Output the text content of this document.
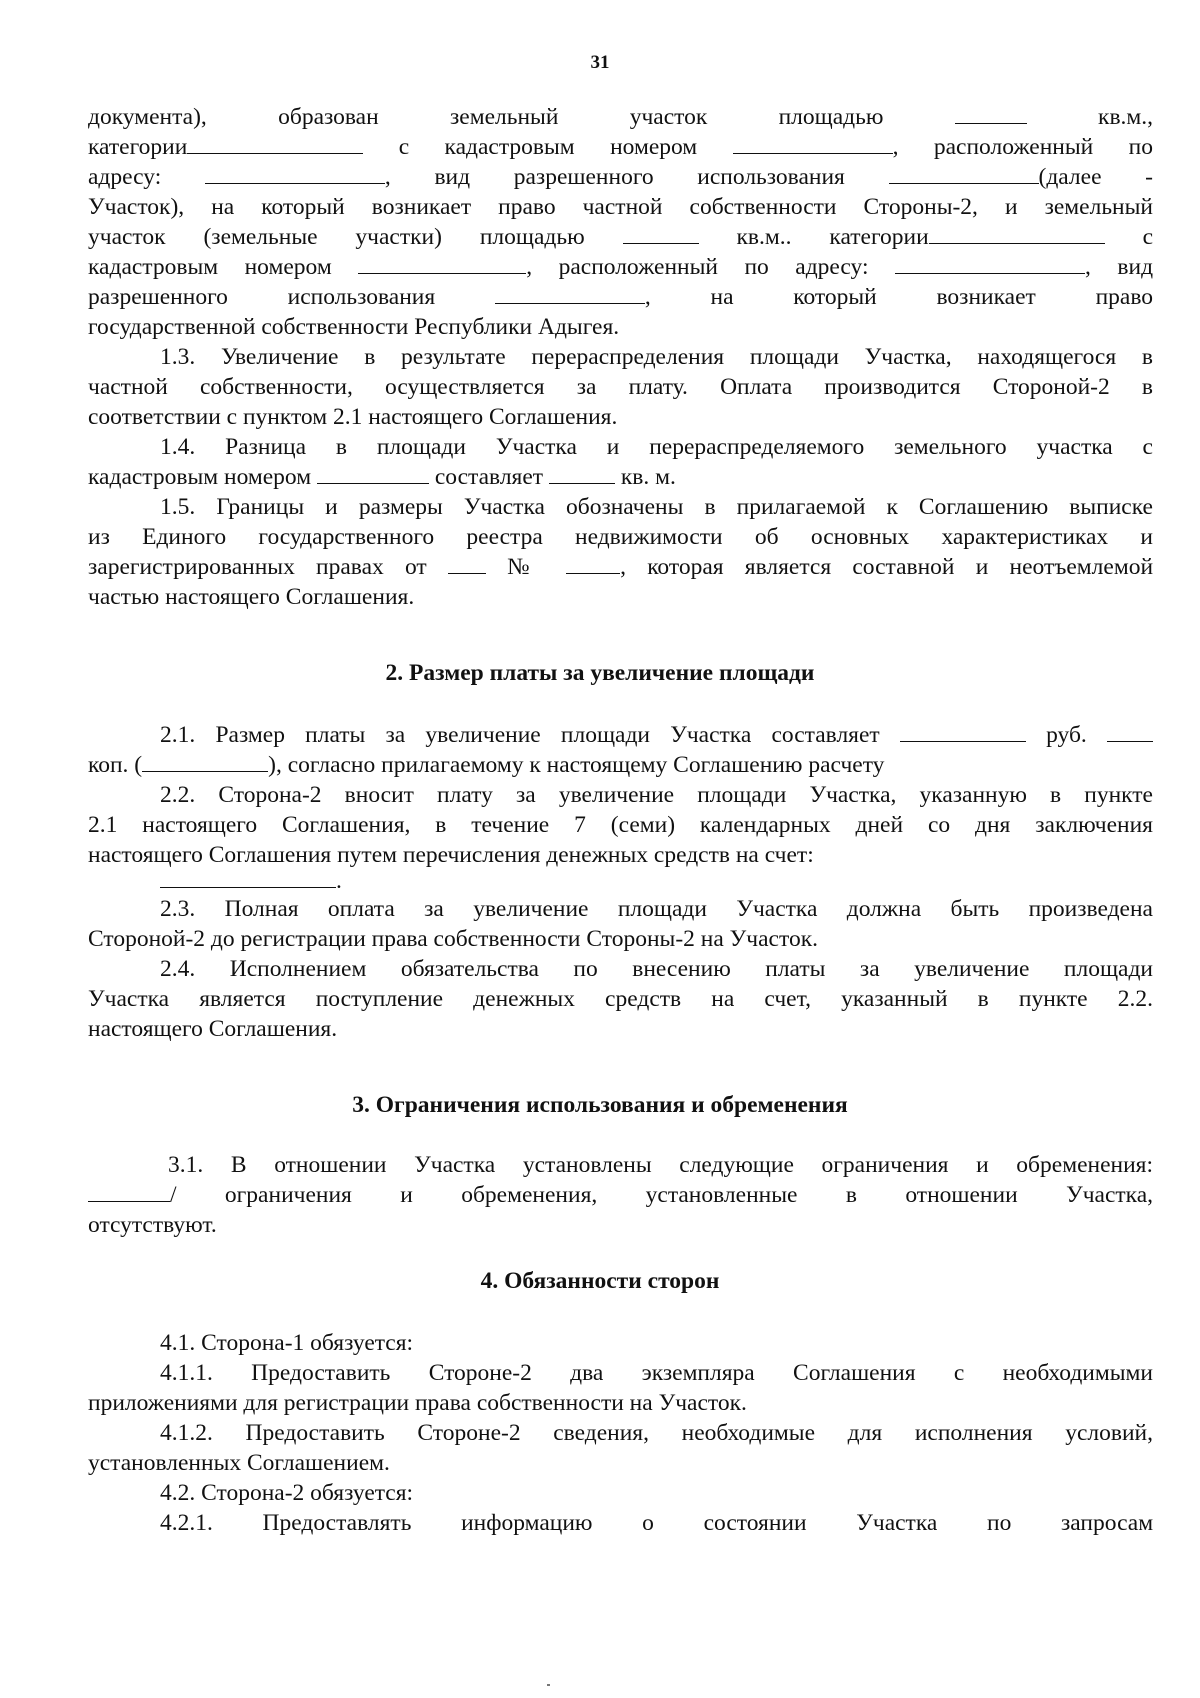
31
документа),	образован	земельный	участок	площадью	кв.м.,
категории	с кадастровым номером	, расположенный по
адресу:	, вид разрешенного использования	(далее -
Участок), на который возникает право частной собственности Стороны-2, и земельный
участок (земельные участки) площадью	кв.м.. категории	с
кадастровым номером	, расположенный по адресу:	, вид
разрешенного	использования	,	на	который	возникает	право
государственной собственности Республики Адыгея.
1.3. Увеличение в результате перераспределения площади Участка, находящегося в
частной собственности, осуществляется за плату. Оплата производится Стороной-2 в
соответствии с пунктом 2.1 настоящего Соглашения.
1.4. Разница в площади Участка и перераспределяемого земельного участка с
кадастровым номером	составляет	кв. м.
1.5. Границы и размеры Участка обозначены в прилагаемой к Соглашению выписке
из Единого государственного реестра недвижимости об основных характеристиках и
зарегистрированных правах от	№	, которая является составной и неотъемлемой
частью настоящего Соглашения.
2. Размер платы за увеличение площади
2.1. Размер платы за увеличение площади Участка составляет	руб.
коп. (	), согласно прилагаемому к настоящему Соглашению расчету
2.2. Сторона-2 вносит плату за увеличение площади Участка, указанную в пункте
2.1 настоящего Соглашения, в течение 7 (семи) календарных дней со дня заключения
настоящего Соглашения путем перечисления денежных средств на счет:
.
2.3. Полная оплата за увеличение площади Участка должна быть произведена
Стороной-2 до регистрации права собственности Стороны-2 на Участок.
2.4. Исполнением обязательства по внесению платы за увеличение площади
Участка является поступление денежных средств на счет, указанный в пункте 2.2.
настоящего Соглашения.
3. Ограничения использования и обременения
3.1. В отношении Участка установлены следующие ограничения и обременения:
/ ограничения и обременения, установленные в отношении Участка,
отсутствуют.
4. Обязанности сторон
4.1. Сторона-1 обязуется:
4.1.1. Предоставить Стороне-2 два экземпляра Соглашения с необходимыми
приложениями для регистрации права собственности на Участок.
4.1.2. Предоставить Стороне-2 сведения, необходимые для исполнения условий,
установленных Соглашением.
4.2. Сторона-2 обязуется:
4.2.1. Предоставлять информацию о состоянии Участка по запросам
